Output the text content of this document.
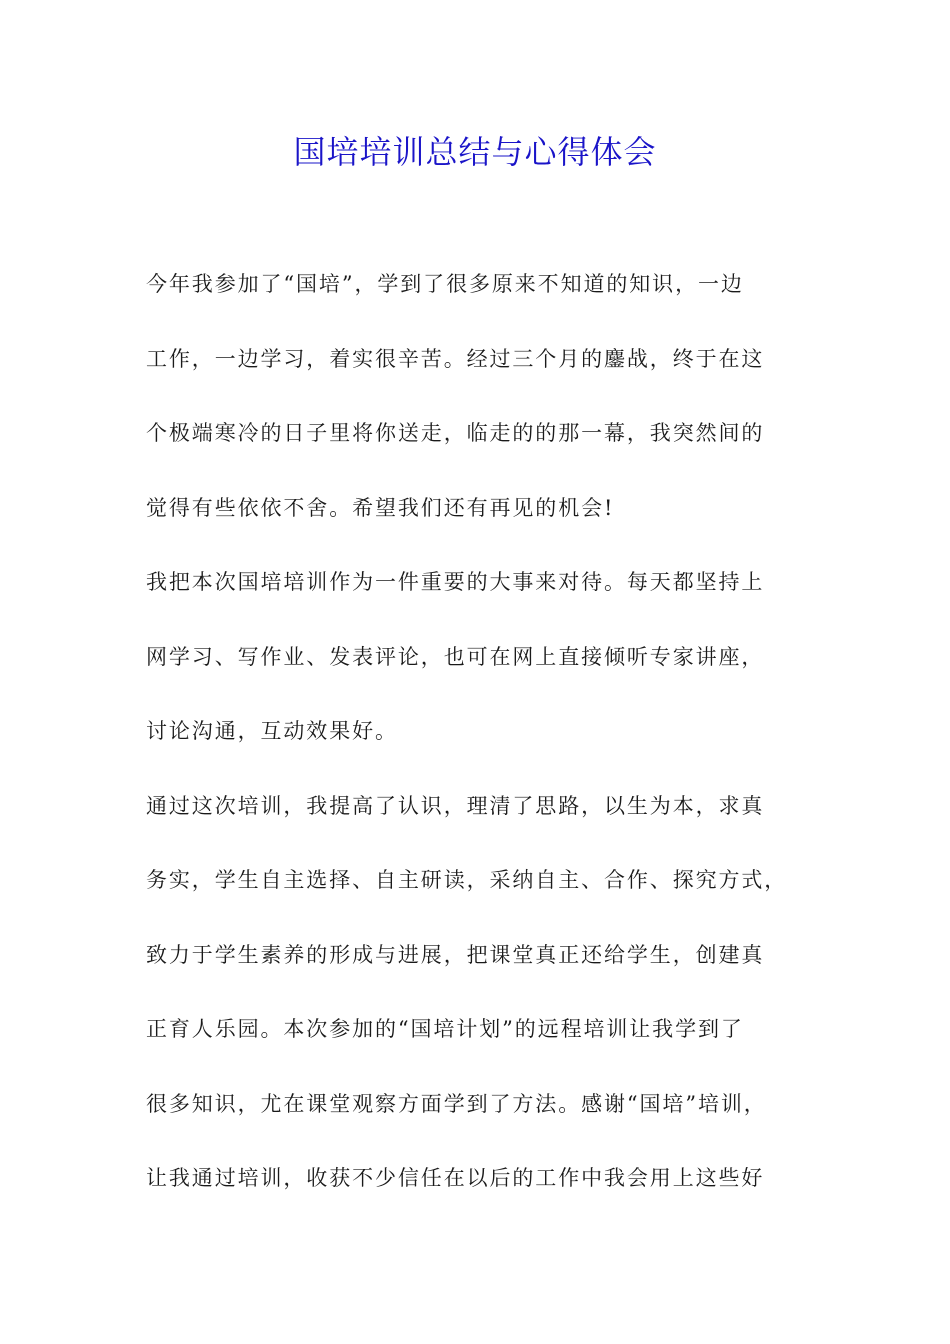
国培培训总结与心得体会
今年我参加了“国培”，学到了很多原来不知道的知识，一边
工作，一边学习，着实很辛苦。经过三个月的鏖战，终于在这
个极端寒冷的日子里将你送走，临走的的那一幕，我突然间的
觉得有些依依不舍。希望我们还有再见的机会!
我把本次国培培训作为一件重要的大事来对待。每天都坚持上
网学习、写作业、发表评论，也可在网上直接倾听专家讲座，
讨论沟通，互动效果好。
通过这次培训，我提高了认识，理清了思路，以生为本，求真
务实，学生自主选择、自主研读，采纳自主、合作、探究方式，
致力于学生素养的形成与进展，把课堂真正还给学生，创建真
正育人乐园。本次参加的“国培计划”的远程培训让我学到了
很多知识，尤在课堂观察方面学到了方法。感谢“国培”培训，
让我通过培训，收获不少信任在以后的工作中我会用上这些好
